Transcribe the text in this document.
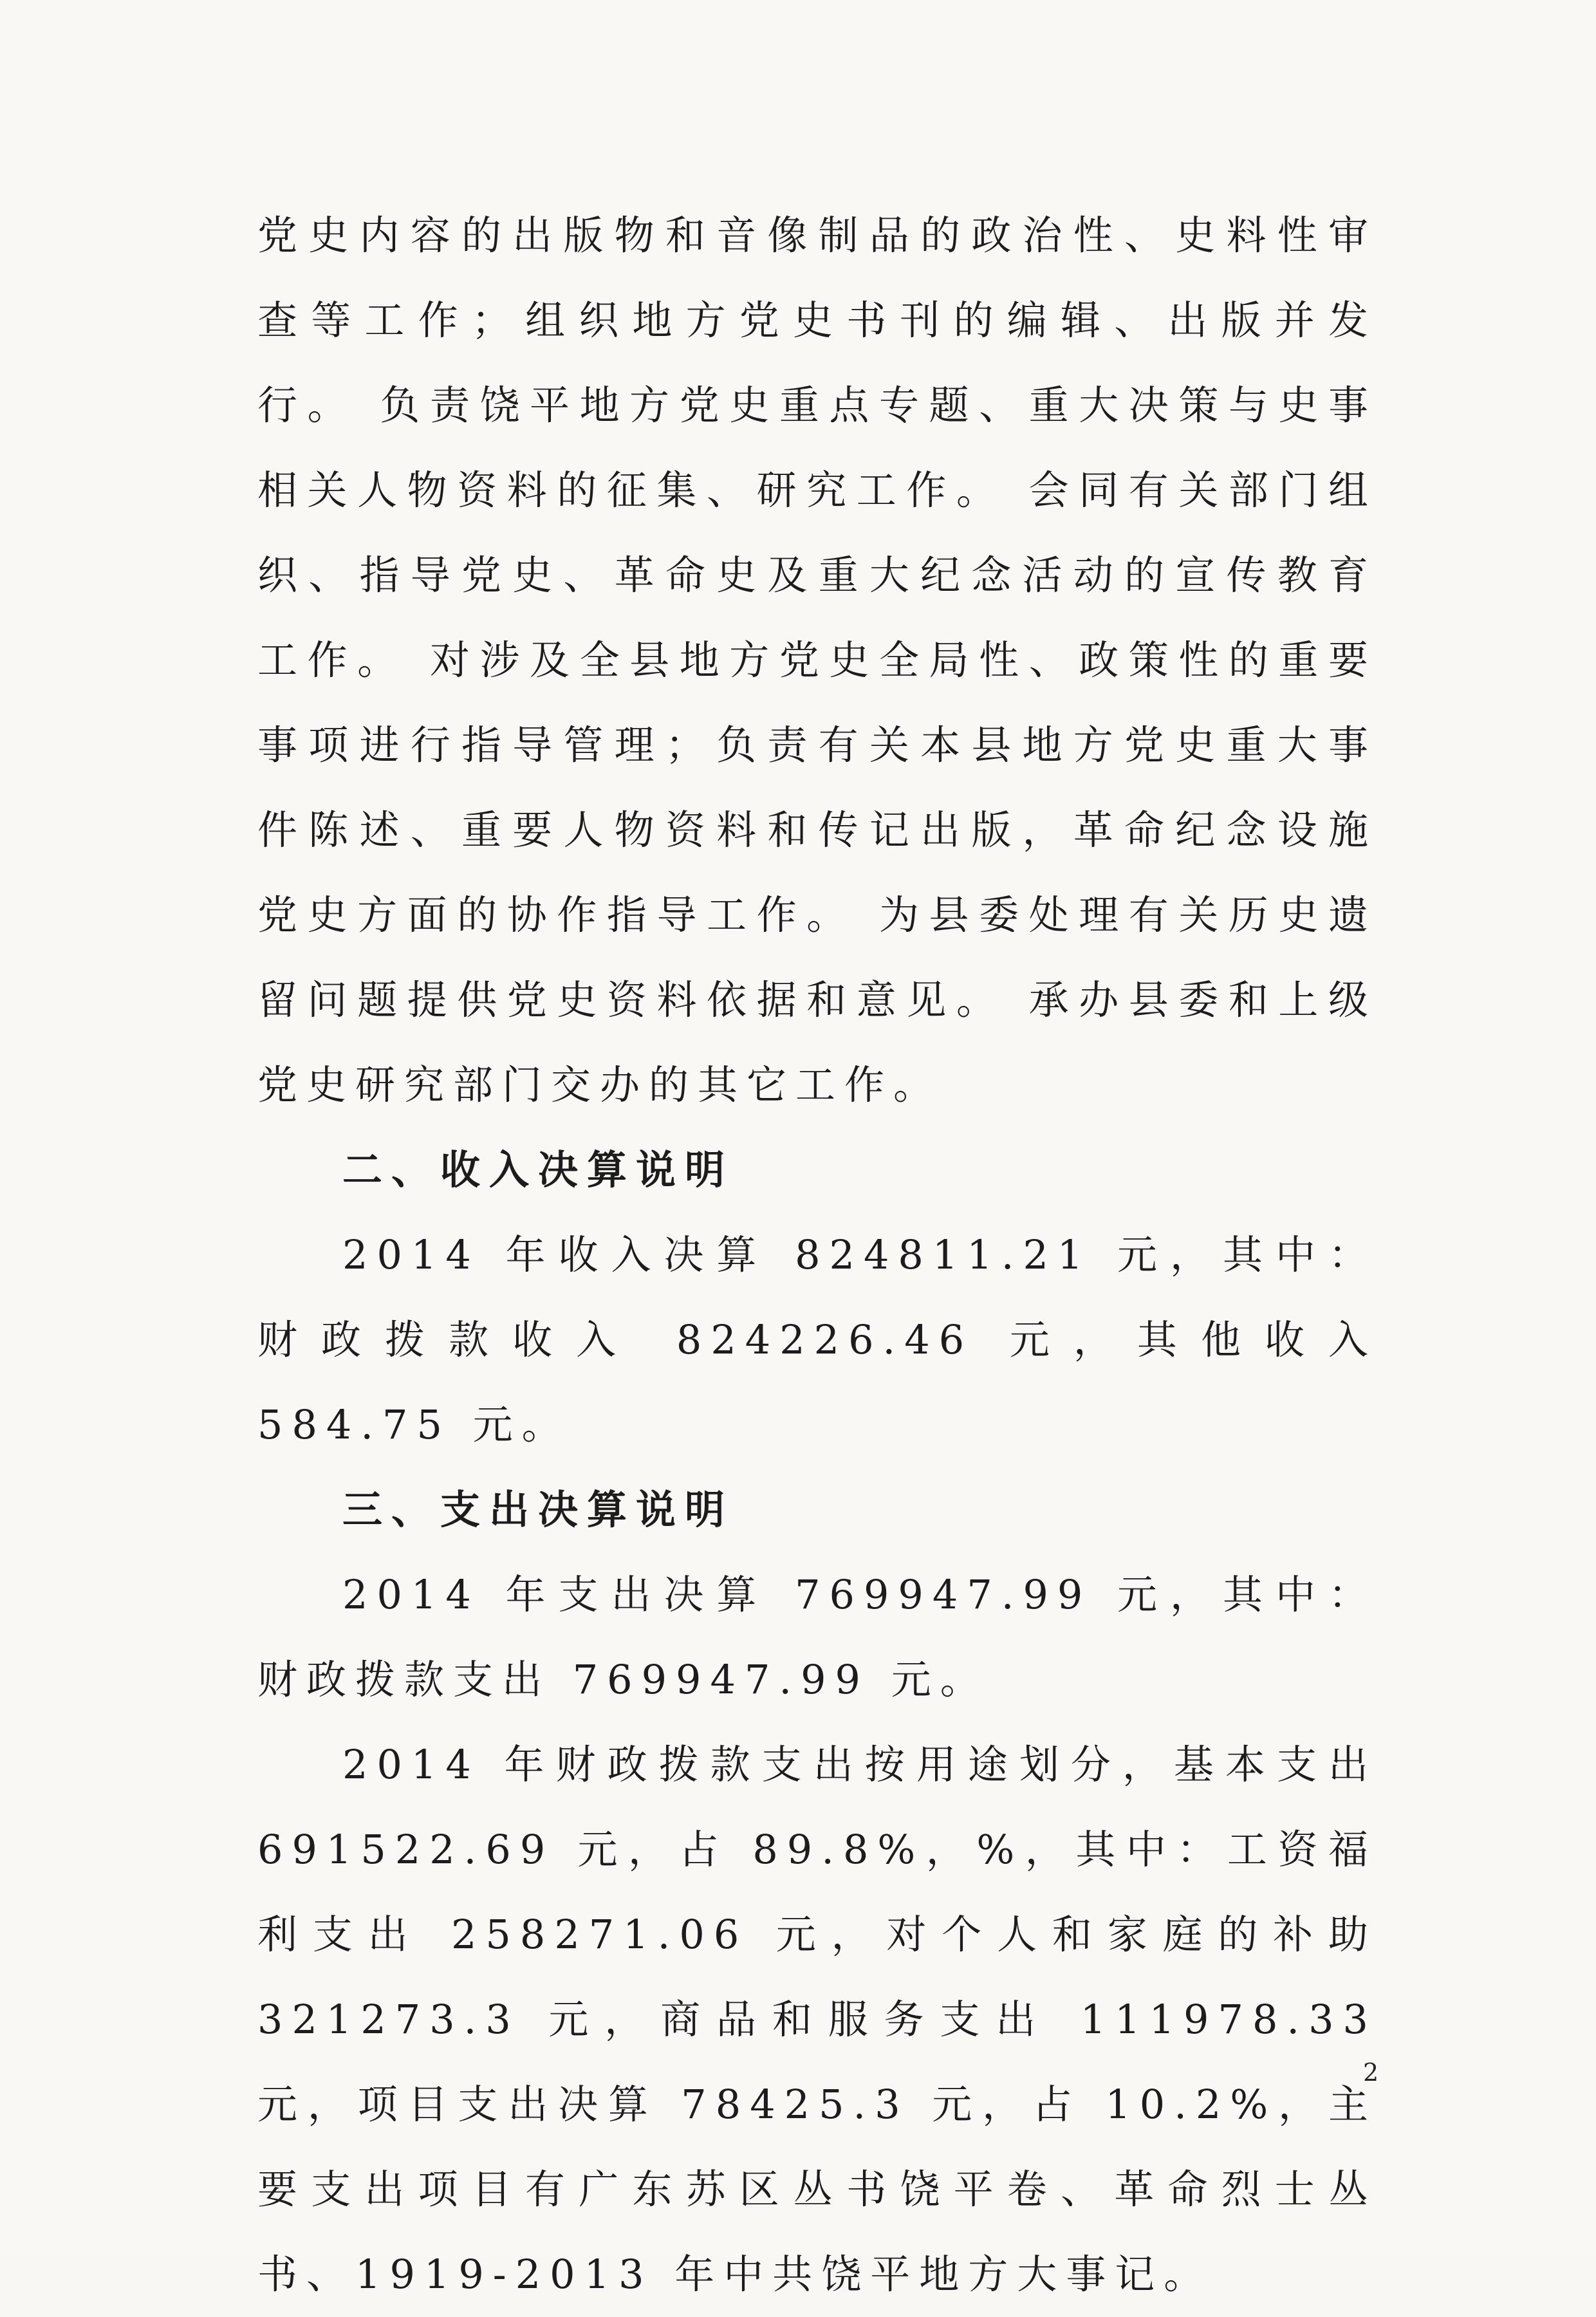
党史内容的出版物和音像制品的政治性、史料性审查等工作；组织地方党史书刊的编辑、出版并发行。 负责饶平地方党史重点专题、重大决策与史事相关人物资料的征集、研究工作。 会同有关部门组织、指导党史、革命史及重大纪念活动的宣传教育工作。 对涉及全县地方党史全局性、政策性的重要事项进行指导管理；负责有关本县地方党史重大事件陈述、重要人物资料和传记出版，革命纪念设施党史方面的协作指导工作。 为县委处理有关历史遗留问题提供党史资料依据和意见。 承办县委和上级党史研究部门交办的其它工作。

二、收入决算说明

2014 年收入决算 824811.21 元，其中：财政拨款收入 824226.46 元，其他收入 584.75 元。

三、支出决算说明

2014 年支出决算 769947.99 元，其中：财政拨款支出 769947.99 元。

2014 年财政拨款支出按用途划分，基本支出 691522.69 元，占 89.8%，%，其中：工资福利支出 258271.06 元，对个人和家庭的补助 321273.3 元，商品和服务支出 111978.33 元，项目支出决算 78425.3 元，占 10.2%，主要支出项目有广东苏区丛书饶平卷、革命烈士丛书、1919-2013 年中共饶平地方大事记。

2
